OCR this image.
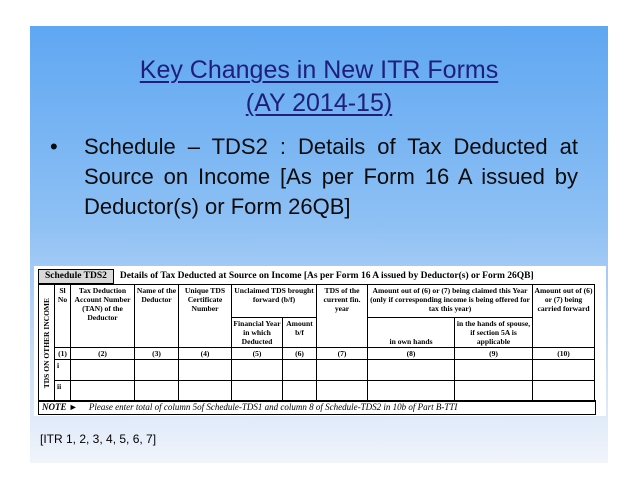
Key Changes in New ITR Forms
(AY 2014-15)
• Schedule – TDS2 : Details of Tax Deducted at Source on Income [As per Form 16 A issued by Deductor(s) or Form 26QB]
Schedule TDS2	Details of Tax Deducted at Source on Income [As per Form 16 A issued by Deductor(s) or Form 26QB]
TDS ON OTHER INCOME	Sl No	Tax Deduction Account Number (TAN) of the Deductor	Name of the Deductor	Unique TDS Certificate Number	Unclaimed TDS brought forward (b/f)		TDS of the current fin. year	Amount out of (6) or (7) being claimed this Year (only if corresponding income is being offered for tax this year)		Amount out of (6) or (7) being carried forward
					Financial Year in which Deducted	Amount b/f		in own hands	in the hands of spouse, if section 5A is applicable	
	(1)	(2)	(3)	(4)	(5)	(6)	(7)	(8)	(9)	(10)
	i									
	ii									
NOTE ► Please enter total of column 5of Schedule-TDS1 and column 8 of Schedule-TDS2 in 10b of Part B-TTI
[ITR 1, 2, 3, 4, 5, 6, 7]
